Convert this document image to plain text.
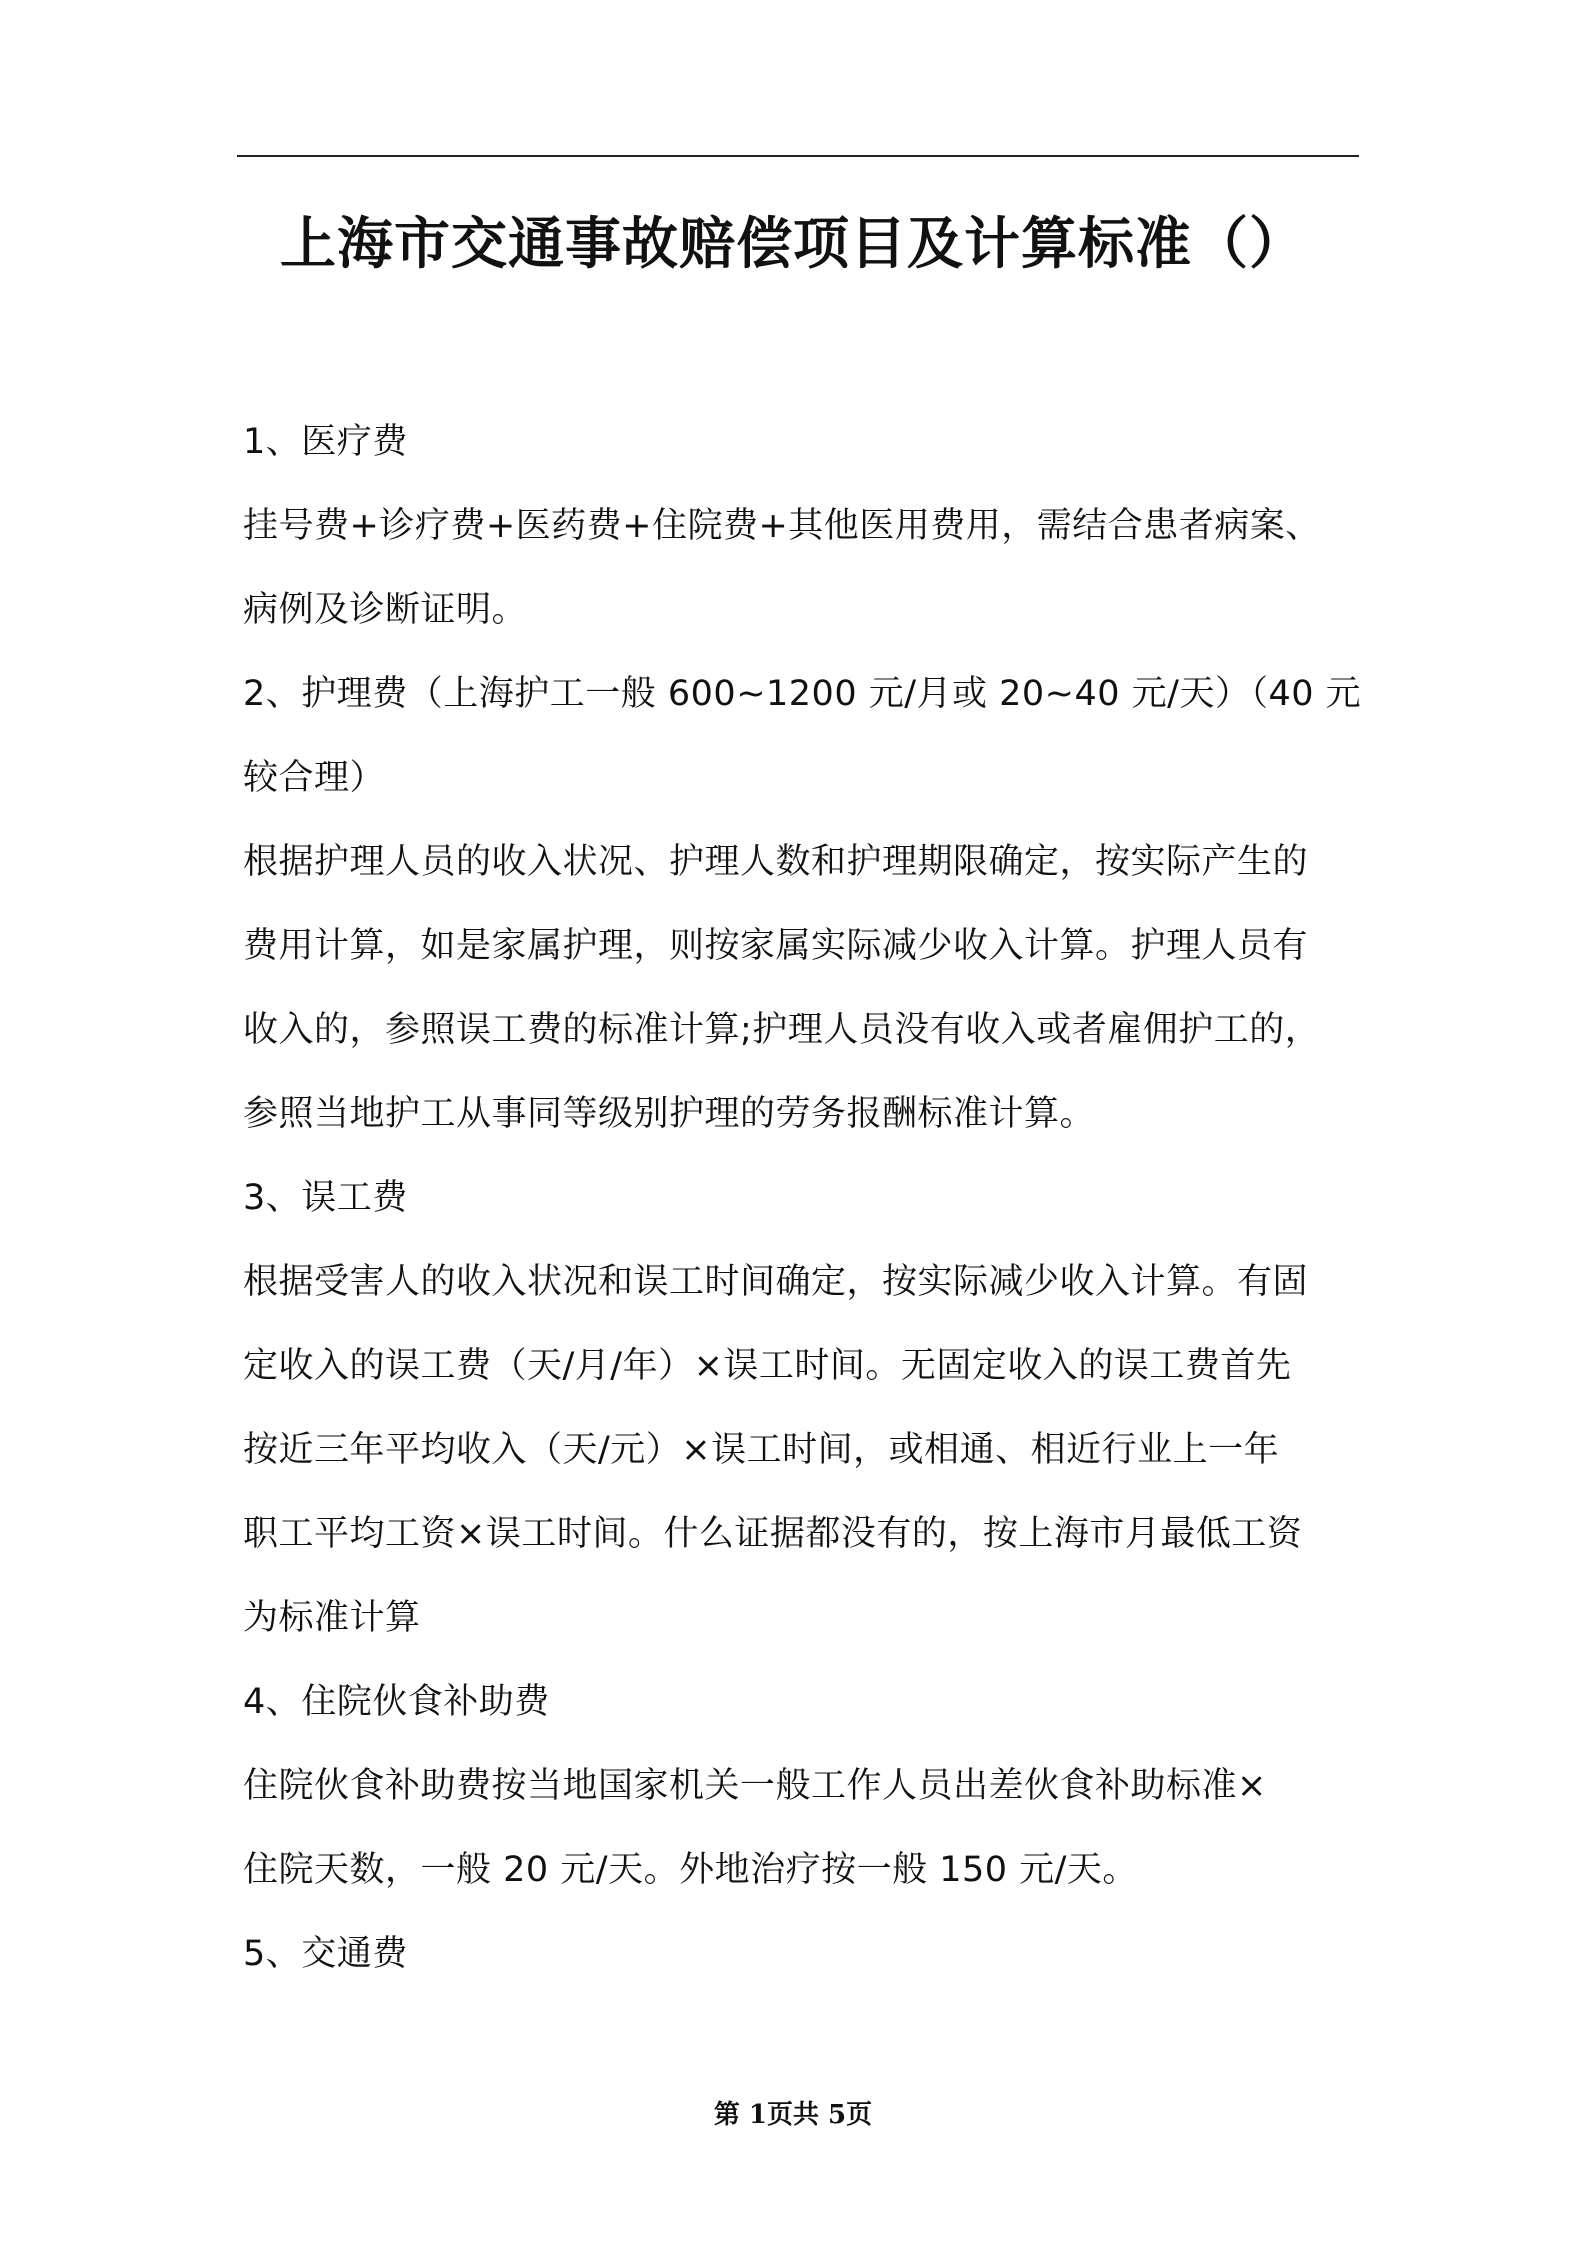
上海市交通事故赔偿项目及计算标准（）
1、医疗费
挂号费+诊疗费+医药费+住院费+其他医用费用，需结合患者病案、
病例及诊断证明。
2、护理费（上海护工一般 600~1200 元/月或 20~40 元/天）（40 元
较合理）
根据护理人员的收入状况、护理人数和护理期限确定，按实际产生的
费用计算，如是家属护理，则按家属实际减少收入计算。护理人员有
收入的，参照误工费的标准计算;护理人员没有收入或者雇佣护工的，
参照当地护工从事同等级别护理的劳务报酬标准计算。
3、误工费
根据受害人的收入状况和误工时间确定，按实际减少收入计算。有固
定收入的误工费（天/月/年）×误工时间。无固定收入的误工费首先
按近三年平均收入（天/元）×误工时间，或相通、相近行业上一年
职工平均工资×误工时间。什么证据都没有的，按上海市月最低工资
为标准计算
4、住院伙食补助费
住院伙食补助费按当地国家机关一般工作人员出差伙食补助标准×
住院天数，一般 20 元/天。外地治疗按一般 150 元/天。
5、交通费
第 1页共 5页
